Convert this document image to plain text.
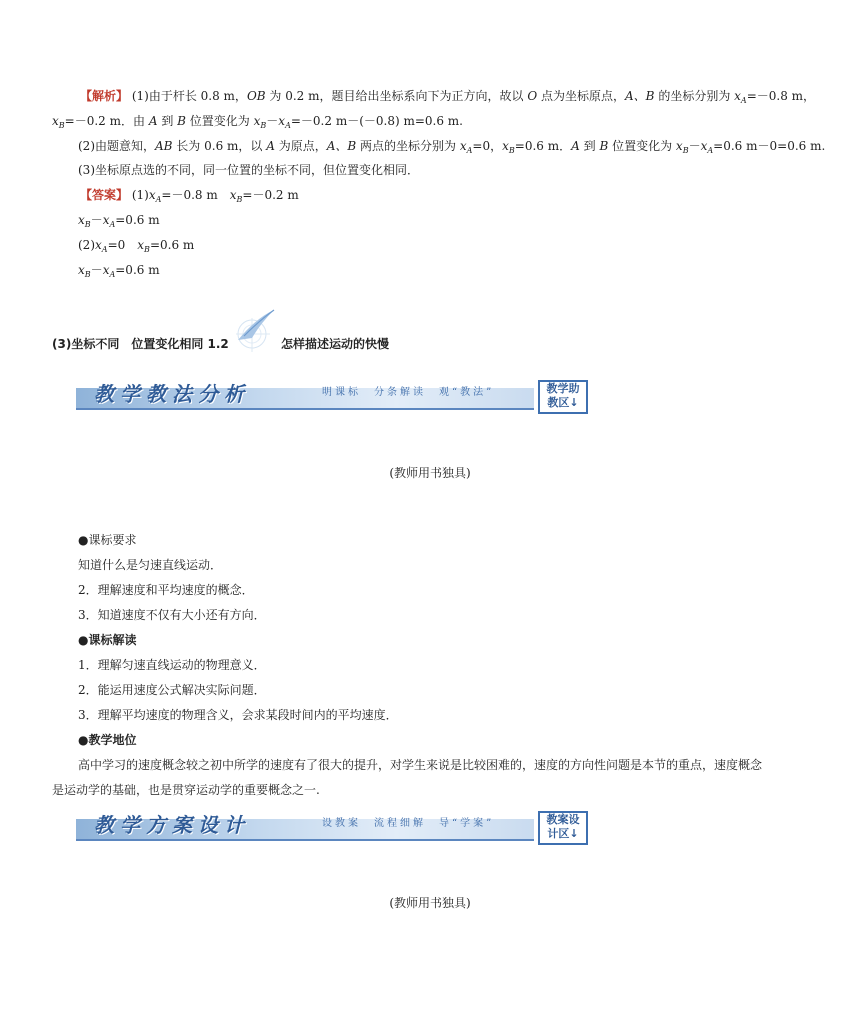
【解析】 (1)由于杆长 0.8 m，OB 为 0.2 m，题目给出坐标系向下为正方向，故以 O 点为坐标原点，A、B 的坐标分别为 $x_A=-0.8$ m，
$x_B=-0.2$ m．由 A 到 B 位置变化为 $x_B-x_A=-0.2$ m－(－0.8) m=0.6 m.
(2)由题意知，AB 长为 0.6 m，以 A 为原点，A、B 两点的坐标分别为 $x_A=0$，$x_B=0.6$ m．A 到 B 位置变化为 $x_B-x_A=0.6$ m－0=0.6 m.
(3)坐标原点选的不同，同一位置的坐标不同，但位置变化相同．
【答案】 $(1)x_A=-0.8$ m　$x_B=-0.2$ m
$x_B-x_A=0.6$ m
$(2)x_A=0$　$x_B=0.6$ m
$x_B-x_A=0.6$ m
(3)坐标不同　位置变化相同 1.2	怎样描述运动的快慢
教学教法分析	明课标　分条解读　观“教法”	教学助
教区↓
(教师用书独具)
●课标要求
知道什么是匀速直线运动．
2．理解速度和平均速度的概念．
3．知道速度不仅有大小还有方向．
●课标解读
1．理解匀速直线运动的物理意义．
2．能运用速度公式解决实际问题．
3．理解平均速度的物理含义，会求某段时间内的平均速度．
●教学地位
高中学习的速度概念较之初中所学的速度有了很大的提升，对学生来说是比较困难的，速度的方向性问题是本节的重点，速度概念
是运动学的基础，也是贯穿运动学的重要概念之一.
教学方案设计	设教案　流程细解　导“学案”	教案设
计区↓
(教师用书独具)
